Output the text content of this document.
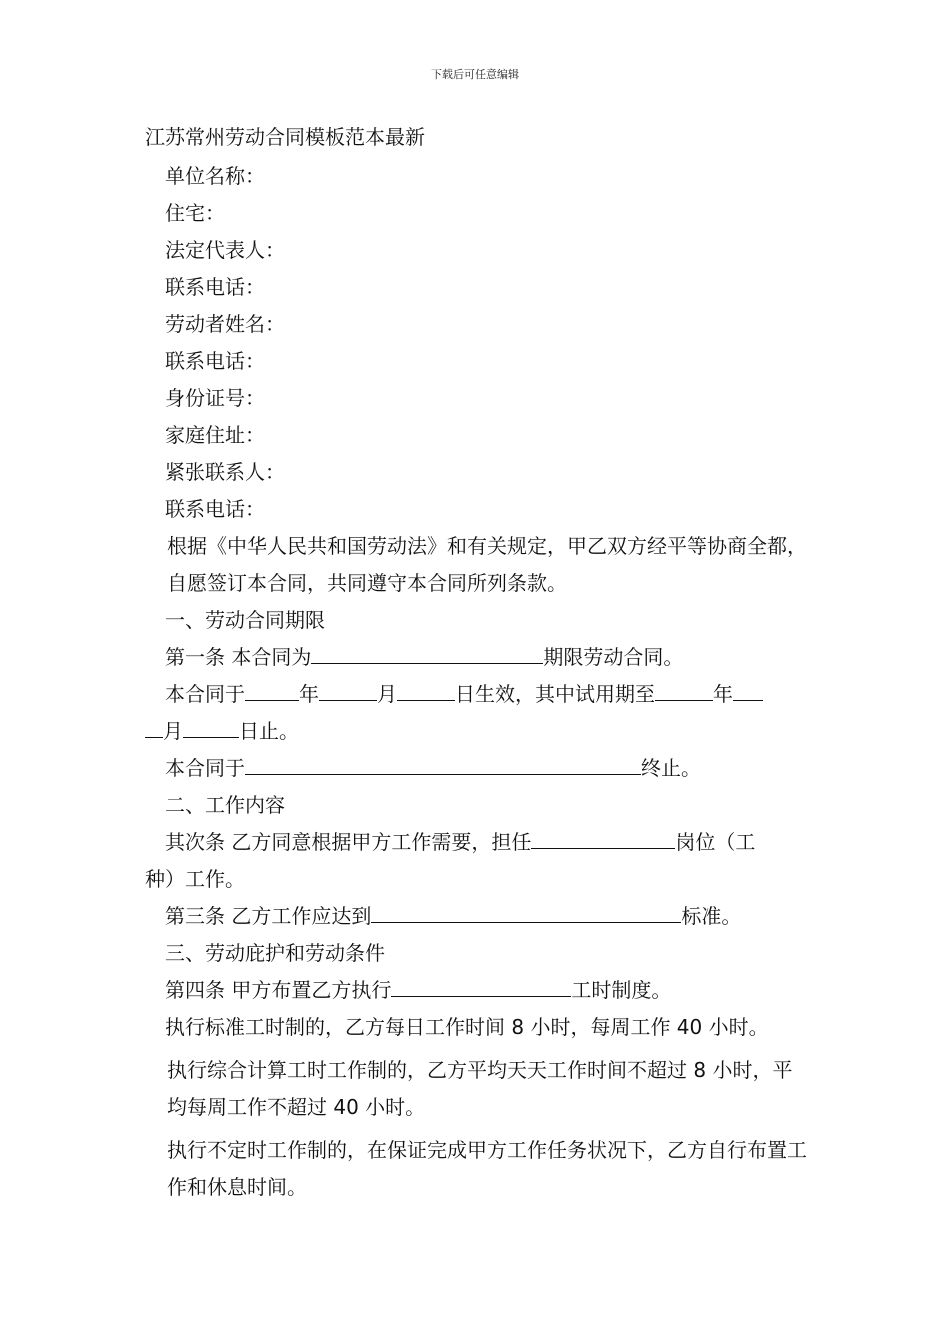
下载后可任意编辑
江苏常州劳动合同模板范本最新
单位名称：
住宅：
法定代表人：
联系电话：
劳动者姓名：
联系电话：
身份证号：
家庭住址：
紧张联系人：
联系电话：
根据《中华人民共和国劳动法》和有关规定，甲乙双方经平等协商全都，自愿签订本合同，共同遵守本合同所列条款。
一、劳动合同期限
第一条 本合同为	期限劳动合同。
本合同于	年	月	日生效，其中试用期至	年
月	日止。
本合同于	终止。
二、工作内容
其次条 乙方同意根据甲方工作需要，担任	岗位（工
种）工作。
第三条 乙方工作应达到	标准。
三、劳动庇护和劳动条件
第四条 甲方布置乙方执行	工时制度。
执行标准工时制的，乙方每日工作时间 8 小时，每周工作 40 小时。
执行综合计算工时工作制的，乙方平均天天工作时间不超过 8 小时，平均每周工作不超过 40 小时。
执行不定时工作制的，在保证完成甲方工作任务状况下，乙方自行布置工作和休息时间。
